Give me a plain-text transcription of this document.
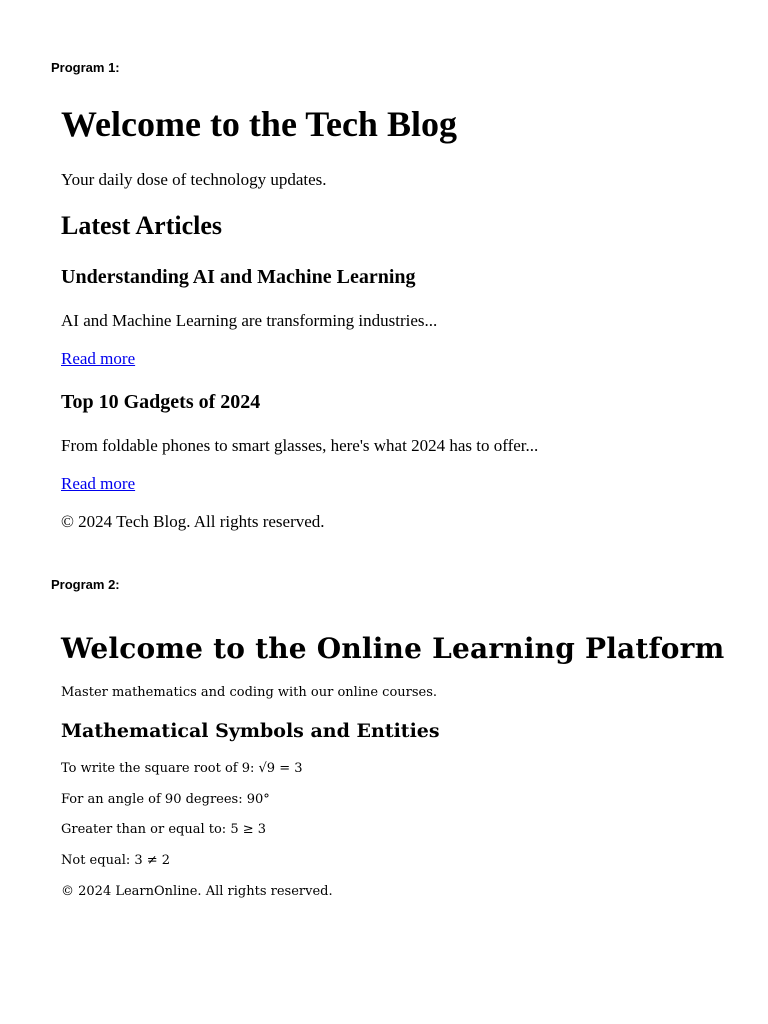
Program 1:

Welcome to the Tech Blog

Your daily dose of technology updates.

Latest Articles
Understanding AI and Machine Learning

AI and Machine Learning are transforming industries...

Read more
Top 10 Gadgets of 2024

From foldable phones to smart glasses, here's what 2024 has to offer...

Read more

© 2024 Tech Blog. All rights reserved.

Program 2:

Welcome to the Online Learning Platform

Master mathematics and coding with our online courses.

Mathematical Symbols and Entities

To write the square root of 9: √9 = 3

For an angle of 90 degrees: 90°

Greater than or equal to: 5 ≥ 3

Not equal: 3 ≠ 2

© 2024 LearnOnline. All rights reserved.
